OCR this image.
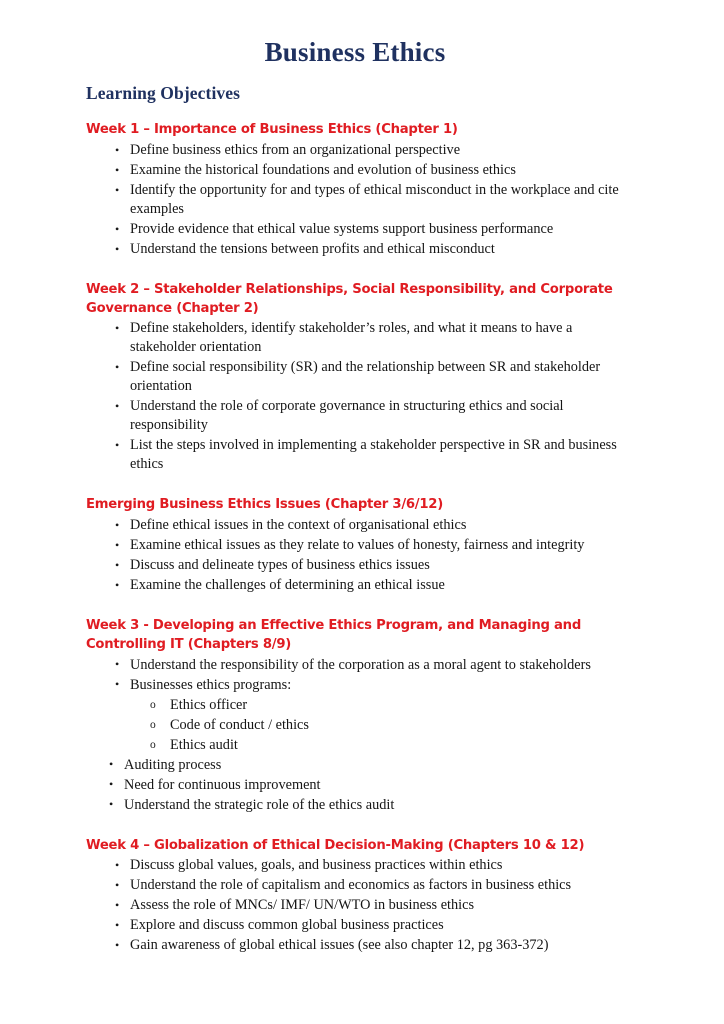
Business Ethics
Learning Objectives
Week 1 – Importance of Business Ethics (Chapter 1)
• Define business ethics from an organizational perspective
• Examine the historical foundations and evolution of business ethics
• Identify the opportunity for and types of ethical misconduct in the workplace and cite examples
• Provide evidence that ethical value systems support business performance
• Understand the tensions between profits and ethical misconduct
Week 2 – Stakeholder Relationships, Social Responsibility, and Corporate Governance (Chapter 2)
• Define stakeholders, identify stakeholder’s roles, and what it means to have a stakeholder orientation
• Define social responsibility (SR) and the relationship between SR and stakeholder orientation
• Understand the role of corporate governance in structuring ethics and social responsibility
• List the steps involved in implementing a stakeholder perspective in SR and business ethics
Emerging Business Ethics Issues (Chapter 3/6/12)
• Define ethical issues in the context of organisational ethics
• Examine ethical issues as they relate to values of honesty, fairness and integrity
• Discuss and delineate types of business ethics issues
• Examine the challenges of determining an ethical issue
Week 3 - Developing an Effective Ethics Program, and Managing and Controlling IT (Chapters 8/9)
• Understand the responsibility of the corporation as a moral agent to stakeholders
• Businesses ethics programs:
o Ethics officer
o Code of conduct / ethics
o Ethics audit
• Auditing process
• Need for continuous improvement
• Understand the strategic role of the ethics audit
Week 4 – Globalization of Ethical Decision-Making (Chapters 10 & 12)
• Discuss global values, goals, and business practices within ethics
• Understand the role of capitalism and economics as factors in business ethics
• Assess the role of MNCs/ IMF/ UN/WTO in business ethics
• Explore and discuss common global business practices
• Gain awareness of global ethical issues (see also chapter 12, pg 363-372)
